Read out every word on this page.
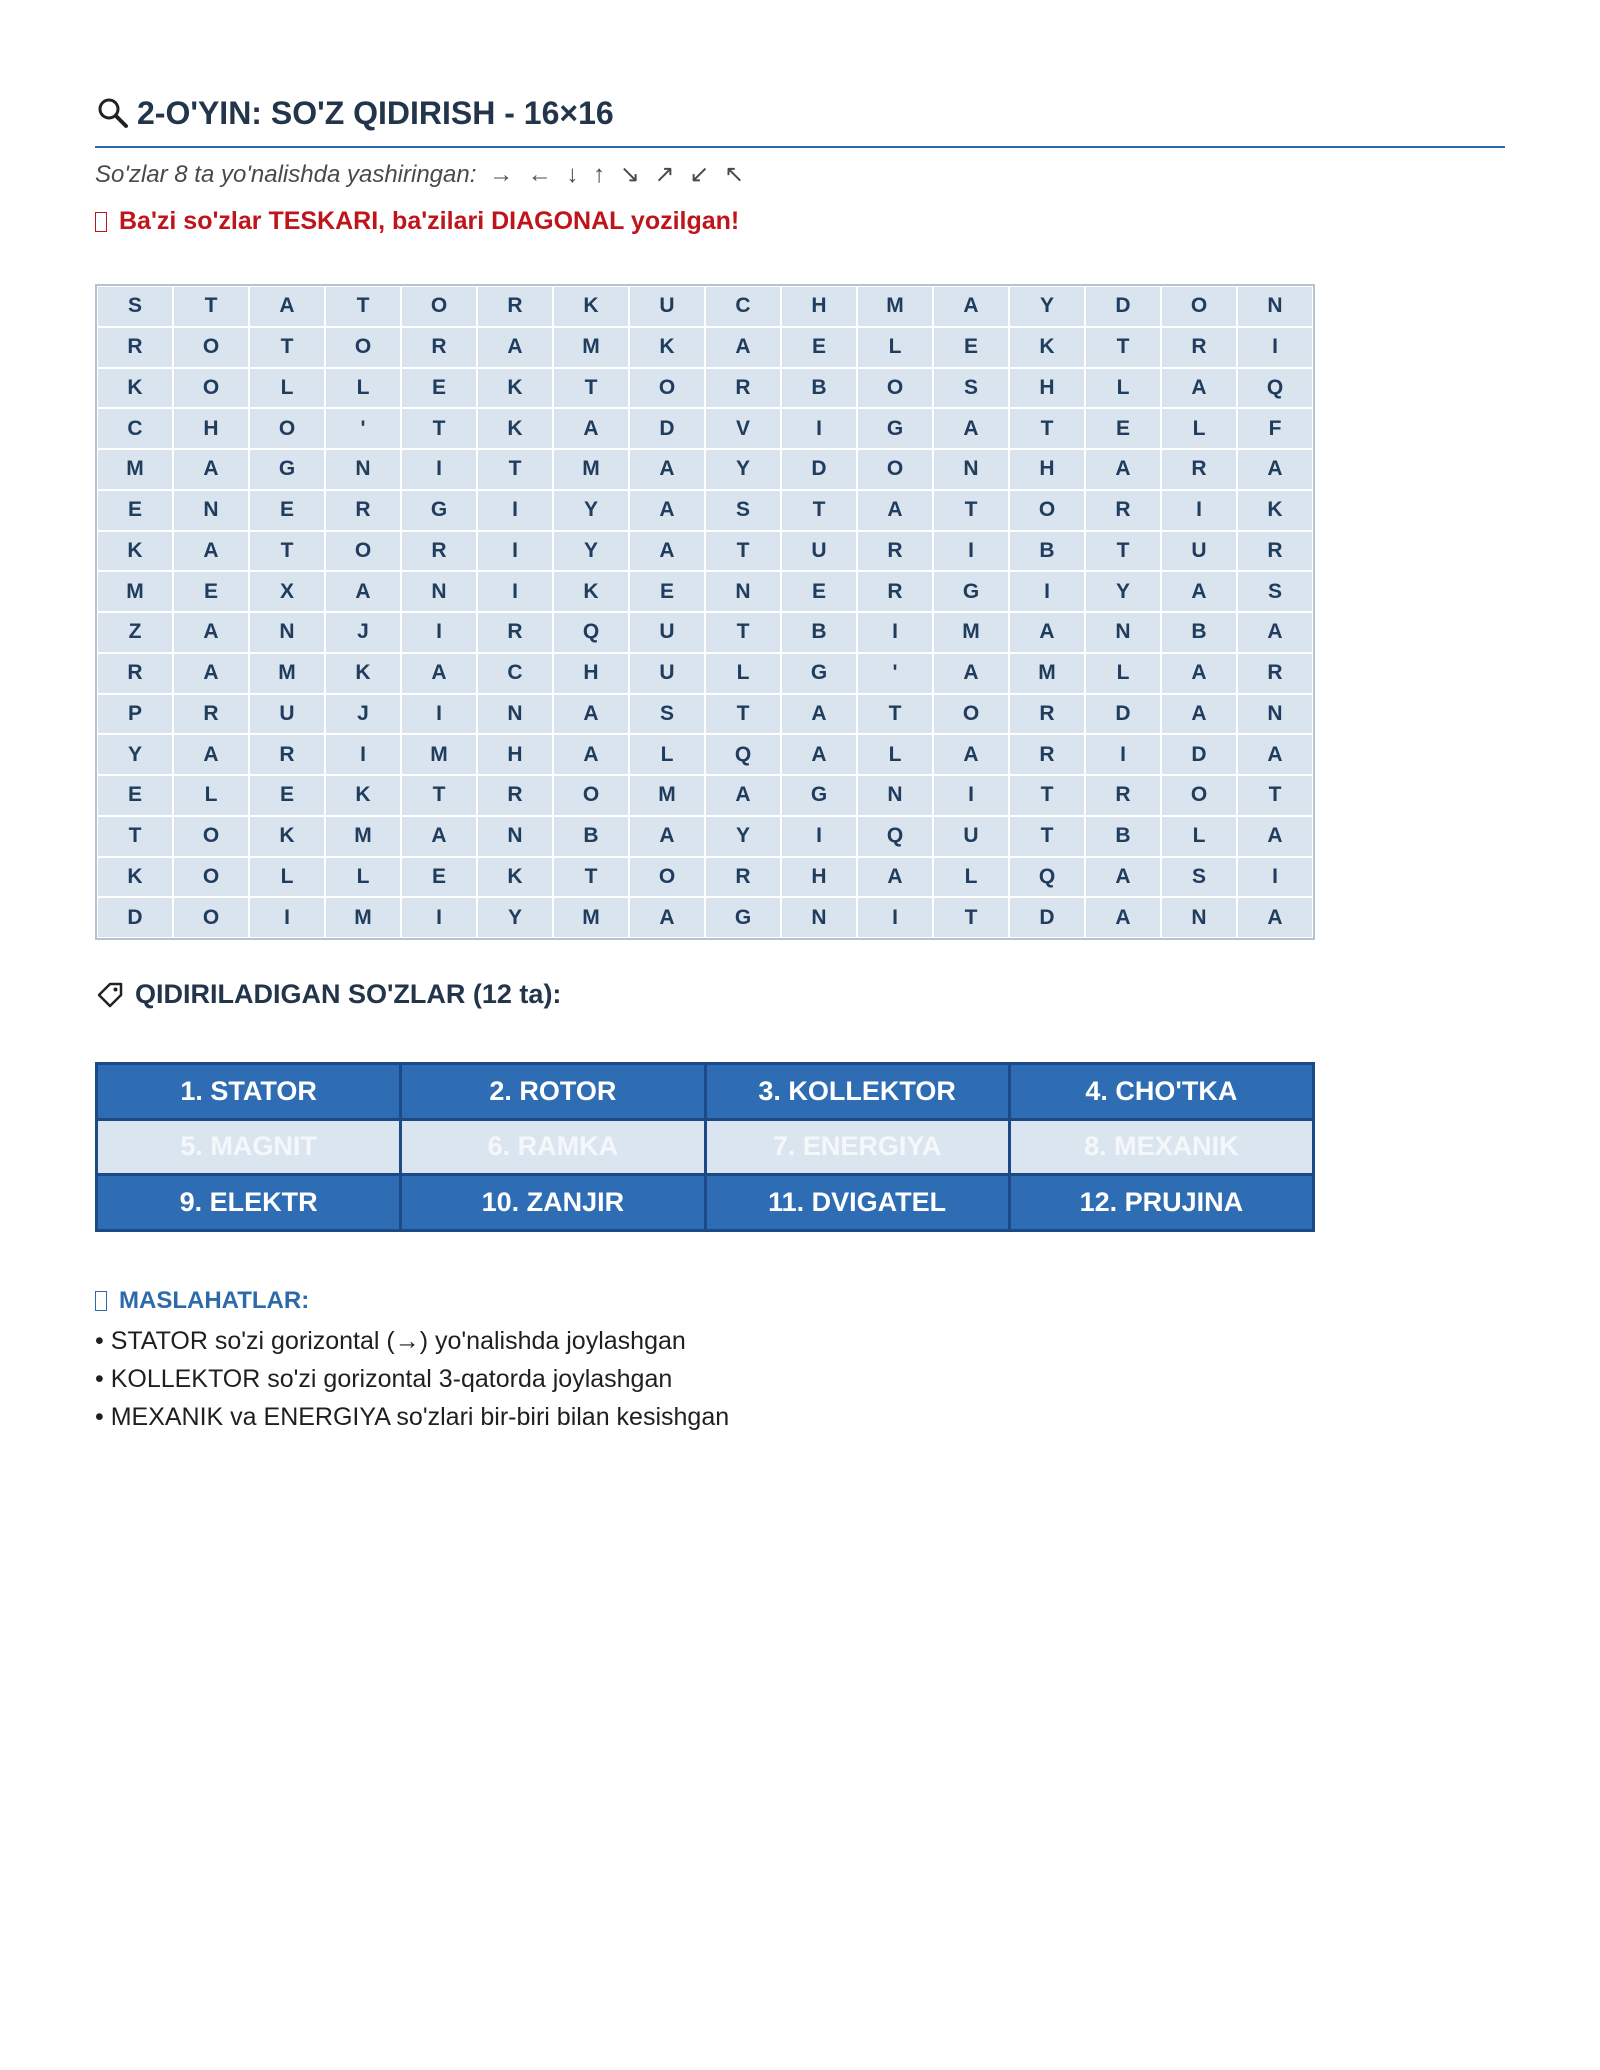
2-O'YIN: SO'Z QIDIRISH - 16×16
So'zlar 8 ta yo'nalishda yashiringan: → ← ↓ ↑ ↘ ↗ ↙ ↖
Ba'zi so'zlar TESKARI, ba'zilari DIAGONAL yozilgan!
S	T	A	T	O	R	K	U	C	H	M	A	Y	D	O	N
R	O	T	O	R	A	M	K	A	E	L	E	K	T	R	I
K	O	L	L	E	K	T	O	R	B	O	S	H	L	A	Q
C	H	O	'	T	K	A	D	V	I	G	A	T	E	L	F
M	A	G	N	I	T	M	A	Y	D	O	N	H	A	R	A
E	N	E	R	G	I	Y	A	S	T	A	T	O	R	I	K
K	A	T	O	R	I	Y	A	T	U	R	I	B	T	U	R
M	E	X	A	N	I	K	E	N	E	R	G	I	Y	A	S
Z	A	N	J	I	R	Q	U	T	B	I	M	A	N	B	A
R	A	M	K	A	C	H	U	L	G	'	A	M	L	A	R
P	R	U	J	I	N	A	S	T	A	T	O	R	D	A	N
Y	A	R	I	M	H	A	L	Q	A	L	A	R	I	D	A
E	L	E	K	T	R	O	M	A	G	N	I	T	R	O	T
T	O	K	M	A	N	B	A	Y	I	Q	U	T	B	L	A
K	O	L	L	E	K	T	O	R	H	A	L	Q	A	S	I
D	O	I	M	I	Y	M	A	G	N	I	T	D	A	N	A
QIDIRILADIGAN SO'ZLAR (12 ta):
1. STATOR	2. ROTOR	3. KOLLEKTOR	4. CHO'TKA
5. MAGNIT	6. RAMKA	7. ENERGIYA	8. MEXANIK
9. ELEKTR	10. ZANJIR	11. DVIGATEL	12. PRUJINA
MASLAHATLAR:
• STATOR so'zi gorizontal (→) yo'nalishda joylashgan
• KOLLEKTOR so'zi gorizontal 3-qatorda joylashgan
• MEXANIK va ENERGIYA so'zlari bir-biri bilan kesishgan
